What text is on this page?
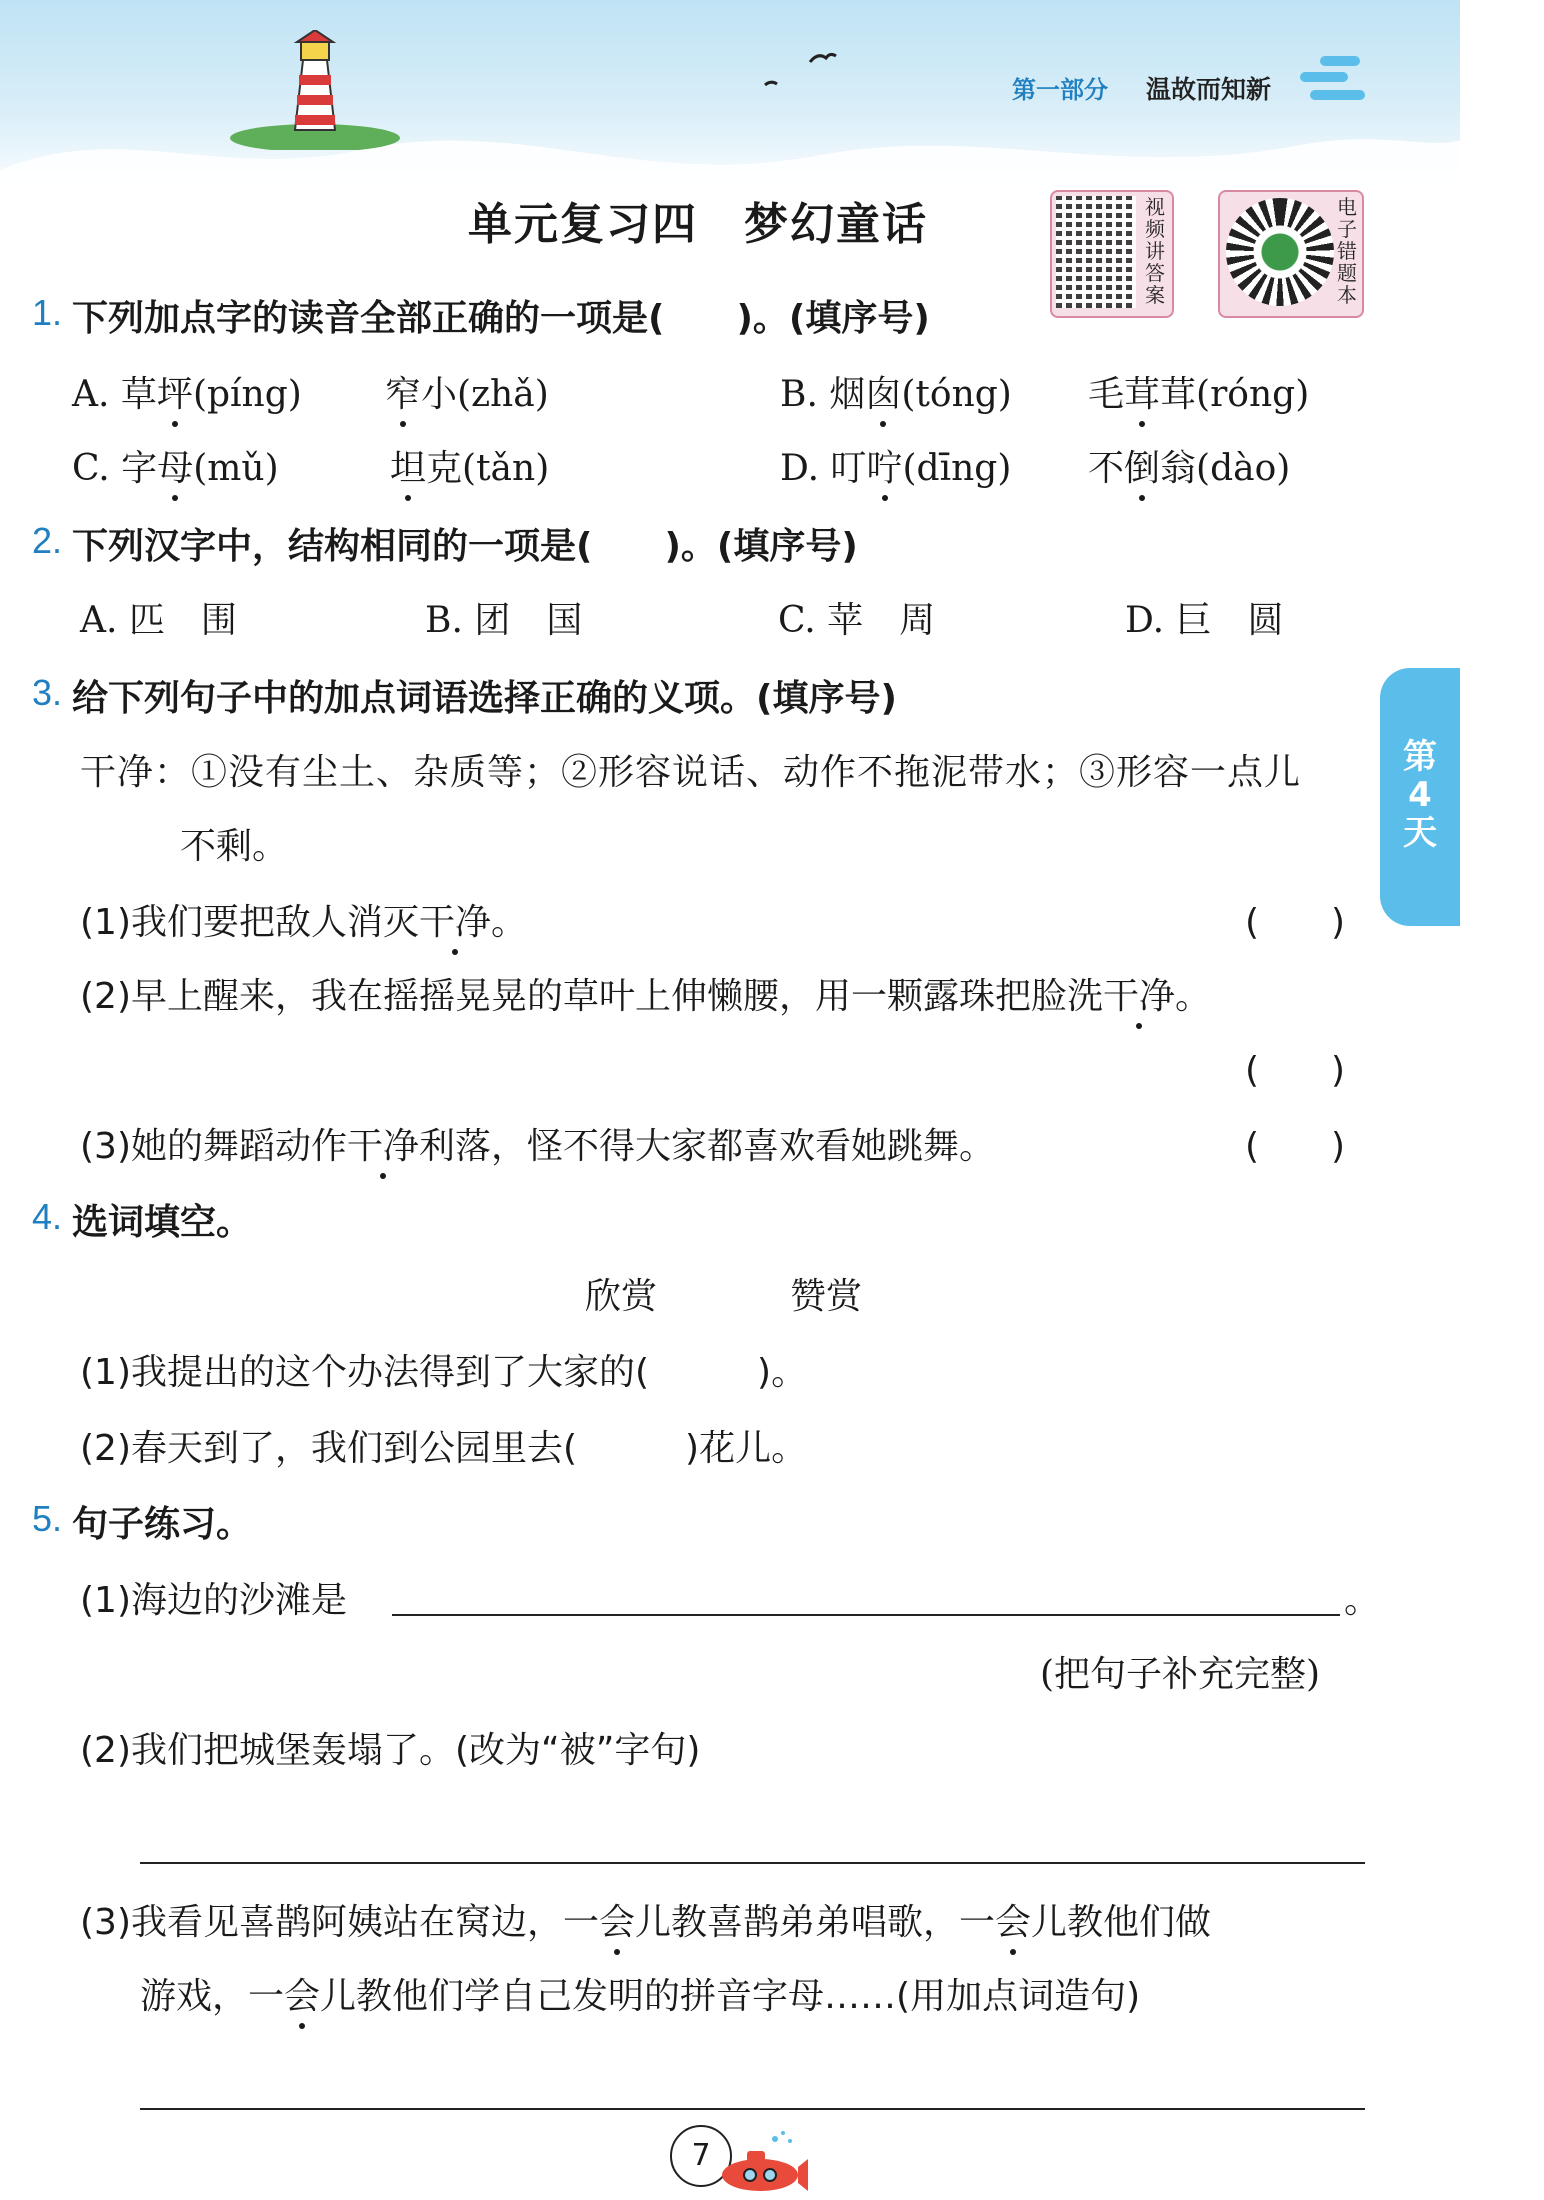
第一部分 温故而知新
单元复习四　梦幻童话	视频讲答案
电子错题本
第
4
天
1. 下列加点字的读音全部正确的一项是(　　)。(填序号)
A. 草坪(píng) 窄小(zhǎ)	B. 烟囱(tóng) 毛茸茸(róng)
C. 字母(mǔ)	坦克(tǎn)	D. 叮咛(dīng) 不倒翁(dào)
2. 下列汉字中，结构相同的一项是(　　)。(填序号)
A. 匹　围	B. 团　国	C. 苹　周	D. 巨　圆
3. 给下列句子中的加点词语选择正确的义项。(填序号)
干净：①没有尘土、杂质等；②形容说话、动作不拖泥带水；③形容一点儿
不剩。
(1)我们要把敌人消灭干净。	(　　)
(2)早上醒来，我在摇摇晃晃的草叶上伸懒腰，用一颗露珠把脸洗干净。
(　　)
(3)她的舞蹈动作干净利落，怪不得大家都喜欢看她跳舞。	(　　)
4. 选词填空。
欣赏	赞赏
(1)我提出的这个办法得到了大家的(　　　)。
(2)春天到了，我们到公园里去(　　　)花儿。
5. 句子练习。
(1)海边的沙滩是	。
(把句子补充完整)
(2)我们把城堡轰塌了。(改为“被”字句)
(3)我看见喜鹊阿姨站在窝边，一会儿教喜鹊弟弟唱歌，一会儿教他们做
游戏，一会儿教他们学自己发明的拼音字母……(用加点词造句)
7
